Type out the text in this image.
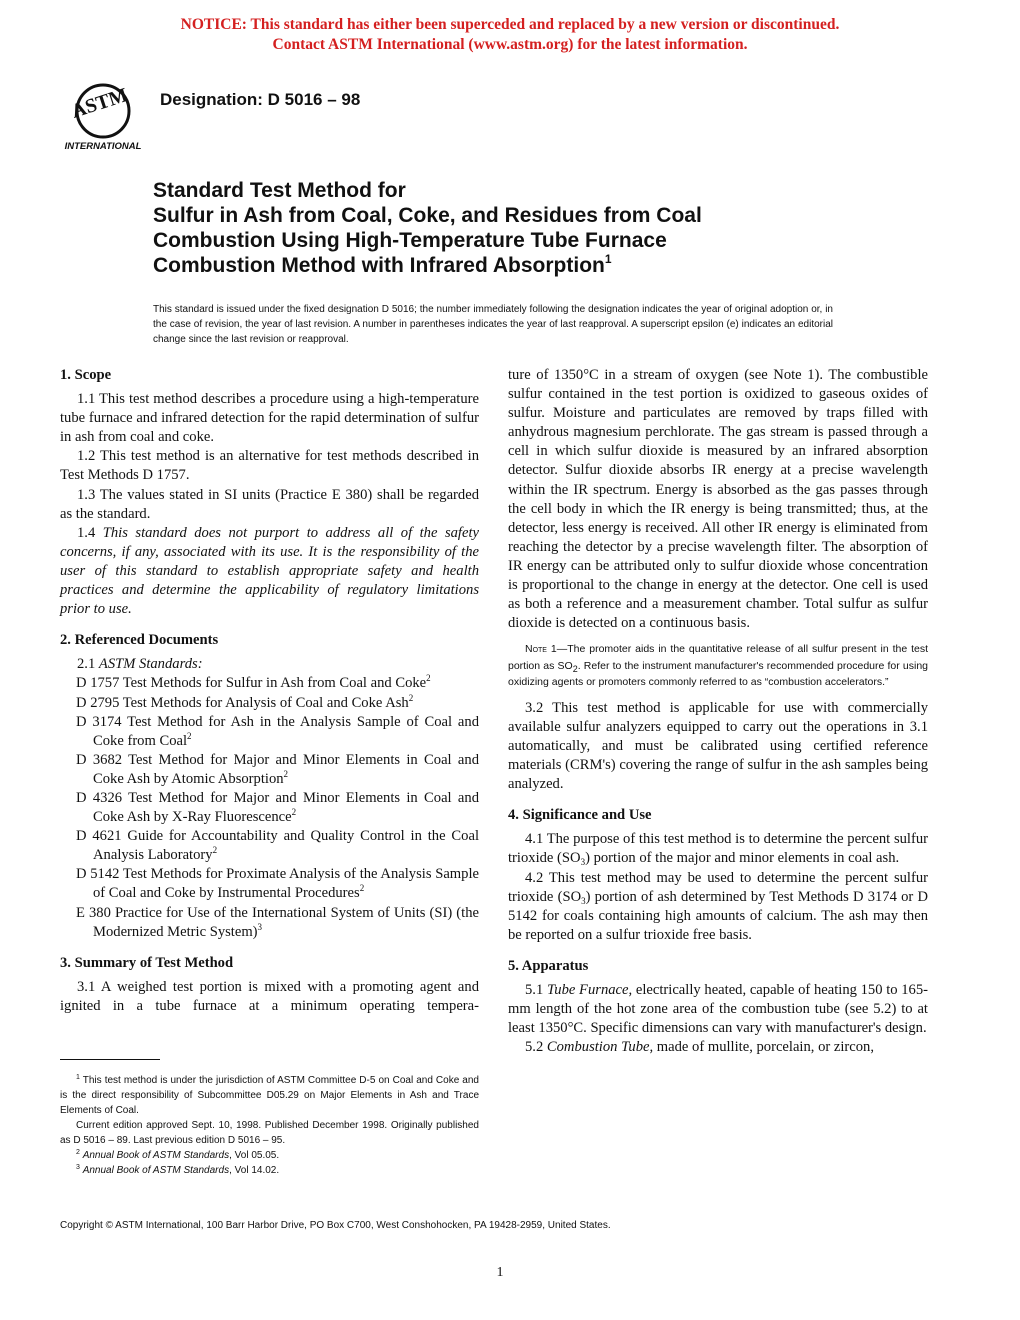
NOTICE: This standard has either been superceded and replaced by a new version or discontinued.
Contact ASTM International (www.astm.org) for the latest information.
ASTM
INTERNATIONAL
Designation: D 5016 – 98
Standard Test Method for
Sulfur in Ash from Coal, Coke, and Residues from Coal
Combustion Using High-Temperature Tube Furnace
Combustion Method with Infrared Absorption$^1$
This standard is issued under the fixed designation D 5016; the number immediately following the designation indicates the year of original adoption or, in the case of revision, the year of last revision. A number in parentheses indicates the year of last reapproval. A superscript epsilon (e) indicates an editorial change since the last revision or reapproval.

1. Scope

1.1 This test method describes a procedure using a high-temperature tube furnace and infrared detection for the rapid determination of sulfur in ash from coal and coke.

1.2 This test method is an alternative for test methods described in Test Methods D 1757.

1.3 The values stated in SI units (Practice E 380) shall be regarded as the standard.

1.4 This standard does not purport to address all of the safety concerns, if any, associated with its use. It is the responsibility of the user of this standard to establish appropriate safety and health practices and determine the applicability of regulatory limitations prior to use.

2. Referenced Documents

2.1 ASTM Standards:

D 1757 Test Methods for Sulfur in Ash from Coal and Coke$^2$

D 2795 Test Methods for Analysis of Coal and Coke Ash$^2$

D 3174 Test Method for Ash in the Analysis Sample of Coal and Coke from Coal$^2$

D 3682 Test Method for Major and Minor Elements in Coal and Coke Ash by Atomic Absorption$^2$

D 4326 Test Method for Major and Minor Elements in Coal and Coke Ash by X-Ray Fluorescence$^2$

D 4621 Guide for Accountability and Quality Control in the Coal Analysis Laboratory$^2$

D 5142 Test Methods for Proximate Analysis of the Analysis Sample of Coal and Coke by Instrumental Procedures$^2$

E 380 Practice for Use of the International System of Units (SI) (the Modernized Metric System)$^3$

3. Summary of Test Method

3.1 A weighed test portion is mixed with a promoting agent and ignited in a tube furnace at a minimum operating tempera-

$^1$ This test method is under the jurisdiction of ASTM Committee D-5 on Coal and Coke and is the direct responsibility of Subcommittee D05.29 on Major Elements in Ash and Trace Elements of Coal.

Current edition approved Sept. 10, 1998. Published December 1998. Originally published as D 5016 – 89. Last previous edition D 5016 – 95.

$^2$ Annual Book of ASTM Standards, Vol 05.05.

$^3$ Annual Book of ASTM Standards, Vol 14.02.

ture of 1350°C in a stream of oxygen (see Note 1). The combustible sulfur contained in the test portion is oxidized to gaseous oxides of sulfur. Moisture and particulates are removed by traps filled with anhydrous magnesium perchlorate. The gas stream is passed through a cell in which sulfur dioxide is measured by an infrared absorption detector. Sulfur dioxide absorbs IR energy at a precise wavelength within the IR spectrum. Energy is absorbed as the gas passes through the cell body in which the IR energy is being transmitted; thus, at the detector, less energy is received. All other IR energy is eliminated from reaching the detector by a precise wavelength filter. The absorption of IR energy can be attributed only to sulfur dioxide whose concentration is proportional to the change in energy at the detector. One cell is used as both a reference and a measurement chamber. Total sulfur as sulfur dioxide is detected on a continuous basis.

Note 1—The promoter aids in the quantitative release of all sulfur present in the test portion as $SO_2$. Refer to the instrument manufacturer's recommended procedure for using oxidizing agents or promoters commonly referred to as “combustion accelerators.”

3.2 This test method is applicable for use with commercially available sulfur analyzers equipped to carry out the operations in 3.1 automatically, and must be calibrated using certified reference materials (CRM's) covering the range of sulfur in the ash samples being analyzed.

4. Significance and Use

4.1 The purpose of this test method is to determine the percent sulfur trioxide $(SO_3)$ portion of the major and minor elements in coal ash.

4.2 This test method may be used to determine the percent sulfur trioxide $(SO_3)$ portion of ash determined by Test Methods D 3174 or D 5142 for coals containing high amounts of calcium. The ash may then be reported on a sulfur trioxide free basis.

5. Apparatus

5.1 Tube Furnace, electrically heated, capable of heating 150 to 165-mm length of the hot zone area of the combustion tube (see 5.2) to at least 1350°C. Specific dimensions can vary with manufacturer's design.

5.2 Combustion Tube, made of mullite, porcelain, or zircon,

Copyright © ASTM International, 100 Barr Harbor Drive, PO Box C700, West Conshohocken, PA 19428-2959, United States.
1
